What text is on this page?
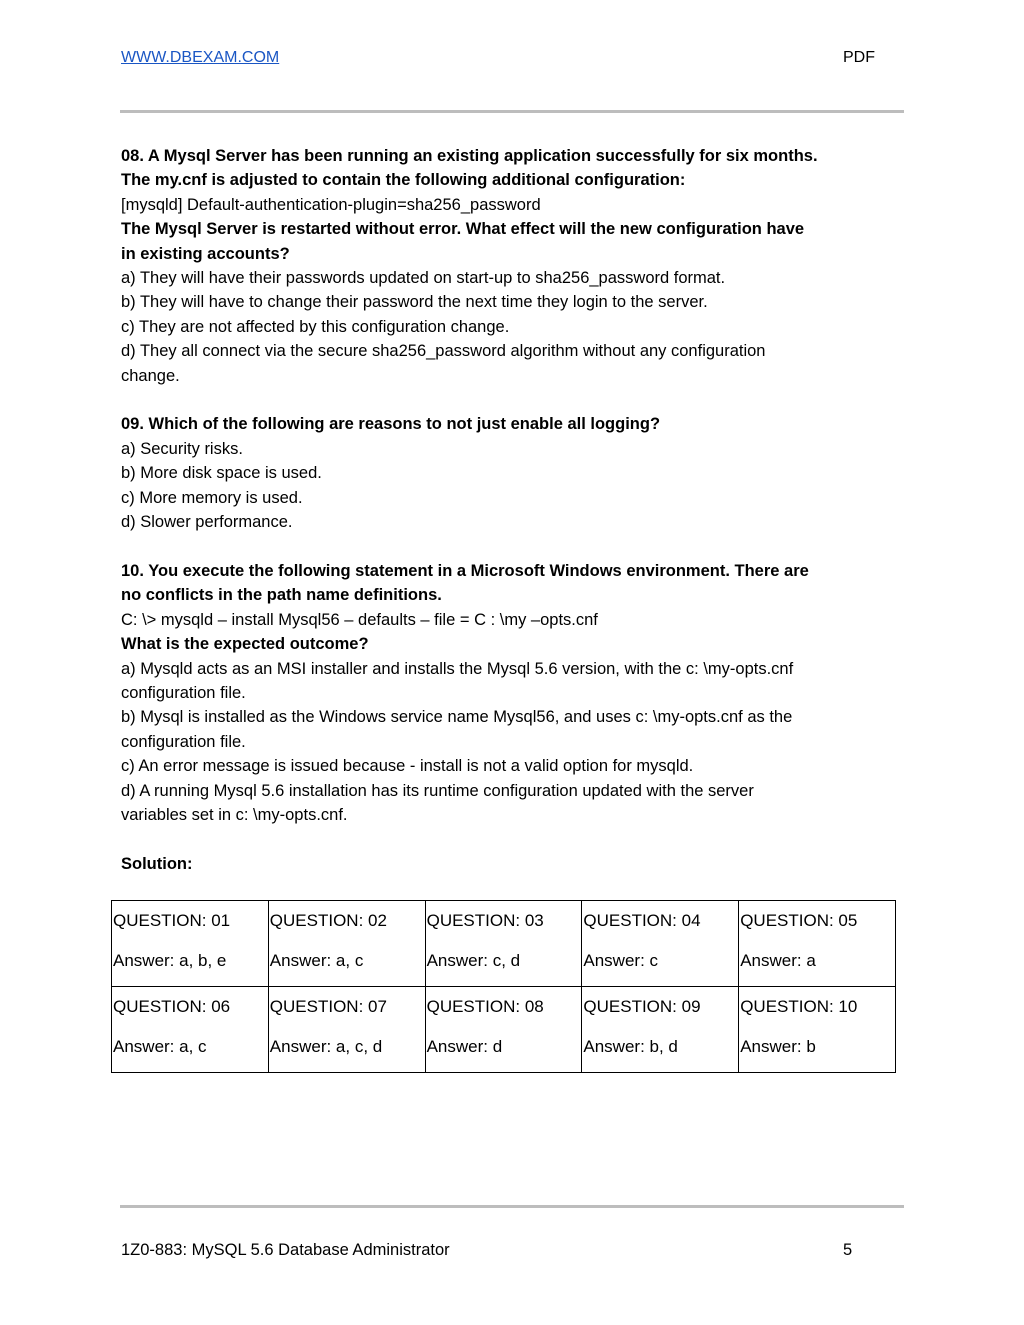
WWW.DBEXAM.COM	PDF

08. A Mysql Server has been running an existing application successfully for six months.

The my.cnf is adjusted to contain the following additional configuration:

[mysqld] Default-authentication-plugin=sha256_password

The Mysql Server is restarted without error. What effect will the new configuration have

in existing accounts?

a) They will have their passwords updated on start-up to sha256_password format.

b) They will have to change their password the next time they login to the server.

c) They are not affected by this configuration change.

d) They all connect via the secure sha256_password algorithm without any configuration

change.

09. Which of the following are reasons to not just enable all logging?

a) Security risks.

b) More disk space is used.

c) More memory is used.

d) Slower performance.

10. You execute the following statement in a Microsoft Windows environment. There are

no conflicts in the path name definitions.

C: \> mysqld – install Mysql56 – defaults – file = C : \my –opts.cnf

What is the expected outcome?

a) Mysqld acts as an MSI installer and installs the Mysql 5.6 version, with the c: \my-opts.cnf

configuration file.

b) Mysql is installed as the Windows service name Mysql56, and uses c: \my-opts.cnf as the

configuration file.

c) An error message is issued because - install is not a valid option for mysqld.

d) A running Mysql 5.6 installation has its runtime configuration updated with the server

variables set in c: \my-opts.cnf.

Solution:

QUESTION: 01
Answer: a, b, e	QUESTION: 02
Answer: a, c	QUESTION: 03
Answer: c, d	QUESTION: 04
Answer: c	QUESTION: 05
Answer: a

QUESTION: 06
Answer: a, c	QUESTION: 07
Answer: a, c, d	QUESTION: 08
Answer: d	QUESTION: 09
Answer: b, d	QUESTION: 10
Answer: b
1Z0-883: MySQL 5.6 Database Administrator	5
